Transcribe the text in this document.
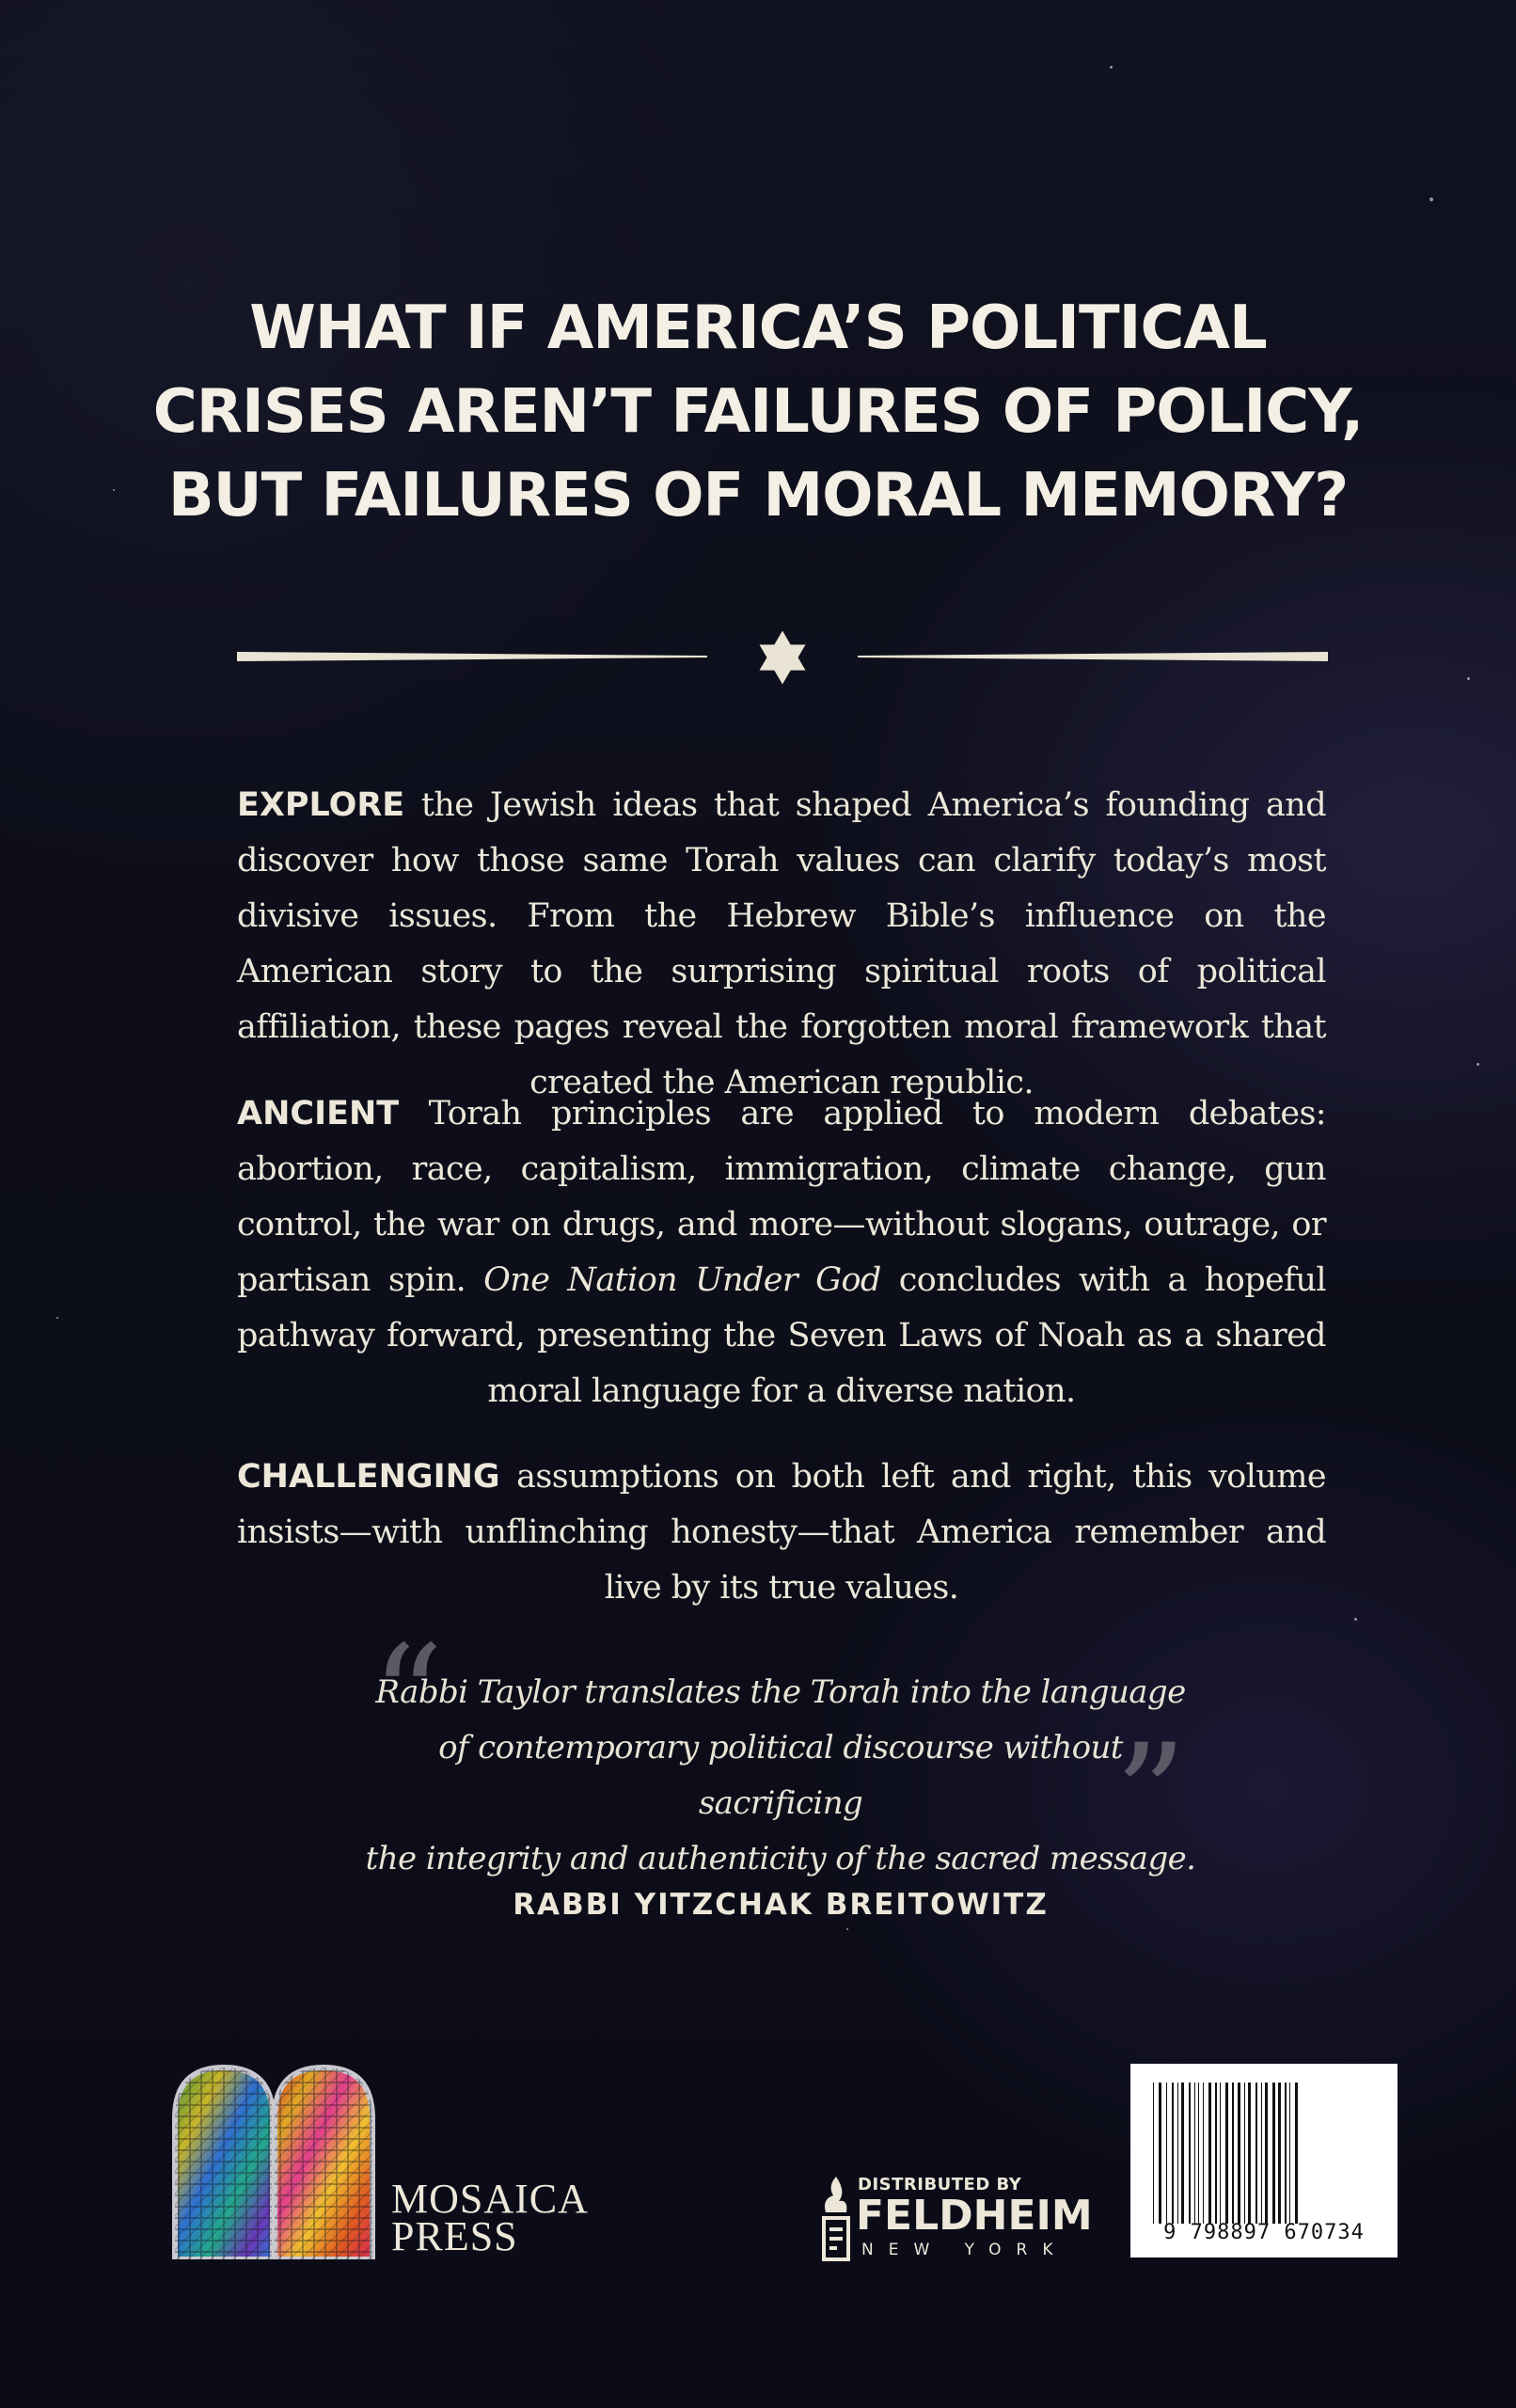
WHAT IF AMERICA’S POLITICAL
CRISES AREN’T FAILURES OF POLICY,
BUT FAILURES OF MORAL MEMORY?

EXPLORE the Jewish ideas that shaped America’s founding and discover how those same Torah values can clarify today’s most divisive issues. From the Hebrew Bible’s influence on the American story to the surprising spiritual roots of political affiliation, these pages reveal the forgotten moral framework that created the American republic.

ANCIENT Torah principles are applied to modern debates: abortion, race, capitalism, immigration, climate change, gun control, the war on drugs, and more—without slogans, outrage, or partisan spin. One Nation Under God concludes with a hopeful pathway forward, presenting the Seven Laws of Noah as a shared moral language for a diverse nation.

CHALLENGING assumptions on both left and right, this volume insists—with unflinching honesty—that America remember and live by its true values.

“

Rabbi Taylor translates the Torah into the language
of contemporary political discourse without sacrificing
the integrity and authenticity of the sacred message.

”
RABBI YITZCHAK BREITOWITZ

MOSAICA
PRESS

DISTRIBUTED BY
FELDHEIM
NEW YORK
9 798897 670734
